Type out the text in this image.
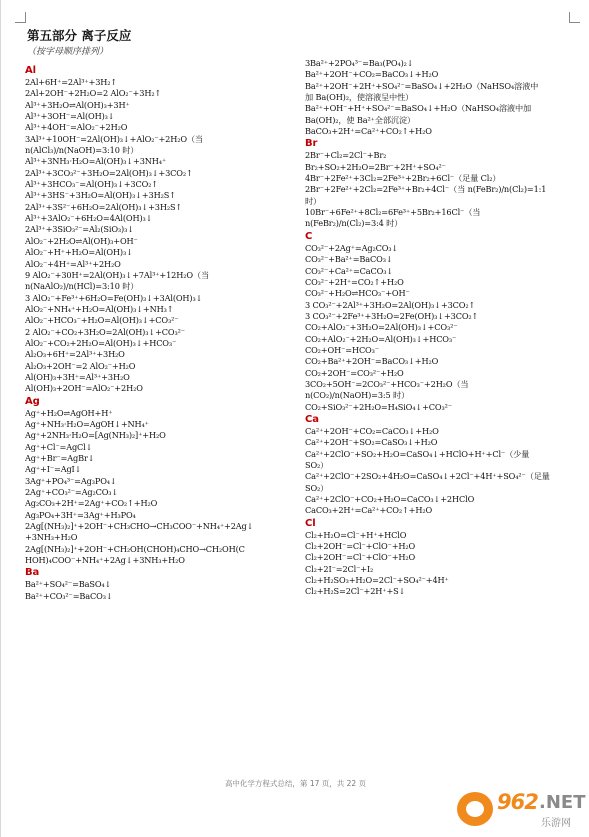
第五部分 离子反应
（按字母顺序排列）
Al
2Al+6H⁺=2Al³⁺+3H₂↑
2Al+2OH⁻+2H₂O=2 AlO₂⁻+3H₂↑
Al³⁺+3H₂O⇌Al(OH)₃+3H⁺
Al³⁺+3OH⁻=Al(OH)₃↓
Al³⁺+4OH⁻=AlO₂⁻+2H₂O
3Al³⁺+10OH⁻=2Al(OH)₃↓+AlO₂⁻+2H₂O（当
n(AlCl₃)/n(NaOH)=3:10 时）
Al³⁺+3NH₃·H₂O=Al(OH)₃↓+3NH₄⁺
2Al³⁺+3CO₃²⁻+3H₂O=2Al(OH)₃↓+3CO₂↑
Al³⁺+3HCO₃⁻=Al(OH)₃↓+3CO₂↑
Al³⁺+3HS⁻+3H₂O=Al(OH)₃↓+3H₂S↑
2Al³⁺+3S²⁻+6H₂O=2Al(OH)₃↓+3H₂S↑
Al³⁺+3AlO₂⁻+6H₂O=4Al(OH)₃↓
2Al³⁺+3SiO₃²⁻=Al₂(SiO₃)₃↓
AlO₂⁻+2H₂O⇌Al(OH)₃+OH⁻
AlO₂⁻+H⁺+H₂O=Al(OH)₃↓
AlO₂⁻+4H⁺=Al³⁺+2H₂O
9 AlO₂⁻+30H⁺=2Al(OH)₃↓+7Al³⁺+12H₂O（当
n(NaAlO₂)/n(HCl)=3:10 时）
3 AlO₂⁻+Fe³⁺+6H₂O=Fe(OH)₃↓+3Al(OH)₃↓
AlO₂⁻+NH₄⁺+H₂O=Al(OH)₃↓+NH₃↑
AlO₂⁻+HCO₃⁻+H₂O=Al(OH)₃↓+CO₃²⁻
2 AlO₂⁻+CO₂+3H₂O=2Al(OH)₃↓+CO₃²⁻
AlO₂⁻+CO₂+2H₂O=Al(OH)₃↓+HCO₃⁻
Al₂O₃+6H⁺=2Al³⁺+3H₂O
Al₂O₃+2OH⁻=2 AlO₂⁻+H₂O
Al(OH)₃+3H⁺=Al³⁺+3H₂O
Al(OH)₃+2OH⁻=AlO₂⁻+2H₂O
Ag
Ag⁺+H₂O⇌AgOH+H⁺
Ag⁺+NH₃·H₂O=AgOH↓+NH₄⁺
Ag⁺+2NH₃·H₂O=[Ag(NH₃)₂]⁺+H₂O
Ag⁺+Cl⁻=AgCl↓
Ag⁺+Br⁻=AgBr↓
Ag⁺+I⁻=AgI↓
3Ag⁺+PO₄³⁻=Ag₃PO₄↓
2Ag⁺+CO₃²⁻=Ag₂CO₃↓
Ag₂CO₃+2H⁺=2Ag⁺+CO₂↑+H₂O
Ag₃PO₄+3H⁺=3Ag⁺+H₃PO₄
2Ag[(NH₃)₂]⁺+2OH⁻+CH₃CHO→CH₃COO⁻+NH₄⁺+2Ag↓
+3NH₃+H₂O
2Ag[(NH₃)₂]⁺+2OH⁻+CH₂OH(CHOH)₄CHO→CH₂OH(C
HOH)₄COO⁻+NH₄⁺+2Ag↓+3NH₃+H₂O
Ba
Ba²⁺+SO₄²⁻=BaSO₄↓
Ba²⁺+CO₃²⁻=BaCO₃↓
3Ba²⁺+2PO₄³⁻=Ba₃(PO₄)₂↓
Ba²⁺+2OH⁻+CO₂=BaCO₃↓+H₂O
Ba²⁺+2OH⁻+2H⁺+SO₄²⁻=BaSO₄↓+2H₂O（NaHSO₄溶液中
加 Ba(OH)₂，使溶液呈中性）
Ba²⁺+OH⁻+H⁺+SO₄²⁻=BaSO₄↓+H₂O（NaHSO₄溶液中加
Ba(OH)₂，使 Ba²⁺全部沉淀）
BaCO₃+2H⁺=Ca²⁺+CO₂↑+H₂O
Br
2Br⁻+Cl₂=2Cl⁻+Br₂
Br₂+SO₂+2H₂O=2Br⁻+2H⁺+SO₄²⁻
4Br⁻+2Fe²⁺+3Cl₂=2Fe³⁺+2Br₂+6Cl⁻（足量 Cl₂）
2Br⁻+2Fe²⁺+2Cl₂=2Fe³⁺+Br₂+4Cl⁻（当 n(FeBr₂)/n(Cl₂)=1:1
时）
10Br⁻+6Fe²⁺+8Cl₂=6Fe³⁺+5Br₂+16Cl⁻（当
n(FeBr₂)/n(Cl₂)=3:4 时）
C
CO₃²⁻+2Ag⁺=Ag₂CO₃↓
CO₃²⁻+Ba²⁺=BaCO₃↓
CO₃²⁻+Ca²⁺=CaCO₃↓
CO₃²⁻+2H⁺=CO₂↑+H₂O
CO₃²⁻+H₂O⇌HCO₃⁻+OH⁻
3 CO₃²⁻+2Al³⁺+3H₂O=2Al(OH)₃↓+3CO₂↑
3 CO₃²⁻+2Fe³⁺+3H₂O=2Fe(OH)₃↓+3CO₂↑
CO₂+AlO₂⁻+3H₂O=2Al(OH)₃↓+CO₃²⁻
CO₂+AlO₂⁻+2H₂O=Al(OH)₃↓+HCO₃⁻
CO₂+OH⁻=HCO₃⁻
CO₂+Ba²⁺+2OH⁻=BaCO₃↓+H₂O
CO₂+2OH⁻=CO₃²⁻+H₂O
3CO₂+5OH⁻=2CO₃²⁻+HCO₃⁻+2H₂O（当
n(CO₂)/n(NaOH)=3:5 时）
CO₂+SiO₃²⁻+2H₂O=H₄SiO₄↓+CO₃²⁻
Ca
Ca²⁺+2OH⁻+CO₂=CaCO₃↓+H₂O
Ca²⁺+2OH⁻+SO₂=CaSO₃↓+H₂O
Ca²⁺+2ClO⁻+SO₂+H₂O=CaSO₄↓+HClO+H⁺+Cl⁻（少量
SO₂）
Ca²⁺+2ClO⁻+2SO₂+4H₂O=CaSO₄↓+2Cl⁻+4H⁺+SO₄²⁻（足量
SO₂）
Ca²⁺+2ClO⁻+CO₂+H₂O=CaCO₃↓+2HClO
CaCO₃+2H⁺=Ca²⁺+CO₂↑+H₂O
Cl
Cl₂+H₂O=Cl⁻+H⁺+HClO
Cl₂+2OH⁻=Cl⁻+ClO⁻+H₂O
Cl₂+2OH⁻=Cl⁻+ClO⁻+H₂O
Cl₂+2I⁻=2Cl⁻+I₂
Cl₂+H₂SO₃+H₂O=2Cl⁻+SO₄²⁻+4H⁺
Cl₂+H₂S=2Cl⁻+2H⁺+S↓
高中化学方程式总结，第 17 页，共 22 页
962 .NET
乐游网
